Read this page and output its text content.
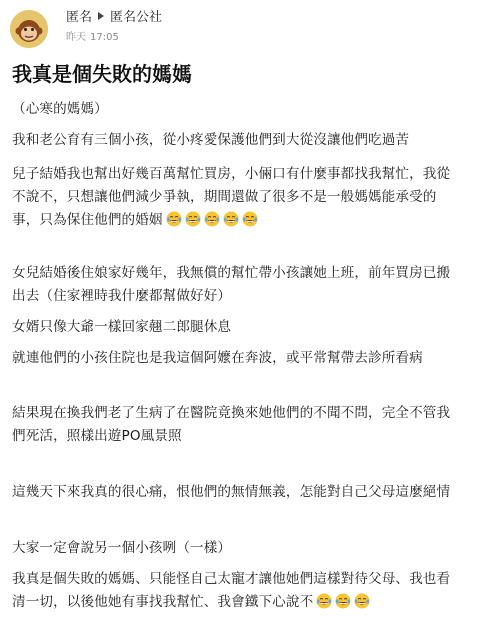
匿名 匿名公社
昨天 17:05
我真是個失敗的媽媽
（心寒的媽媽）
我和老公育有三個小孩，從小疼愛保護他們到大從沒讓他們吃過苦
兒子結婚我也幫出好幾百萬幫忙買房，小倆口有什麼事都找我幫忙，我從
不說不，只想讓他們減少爭執，期間還做了很多不是一般媽媽能承受的
事，只為保住他們的婚姻
女兒結婚後住娘家好幾年，我無償的幫忙帶小孩讓她上班，前年買房已搬
出去（住家裡時我什麼都幫做好好）
女婿只像大爺一樣回家翹二郎腿休息
就連他們的小孩住院也是我這個阿嬤在奔波，或平常幫帶去診所看病
結果現在換我們老了生病了在醫院竟換來她他們的不聞不問，完全不管我
們死活，照樣出遊PO風景照
這幾天下來我真的很心痛，恨他們的無情無義，怎能對自己父母這麼絕情
大家一定會說另一個小孩咧（一樣）
我真是個失敗的媽媽、只能怪自己太寵才讓他她們這樣對待父母、我也看
清一切，以後他她有事找我幫忙、我會鐵下心說不
